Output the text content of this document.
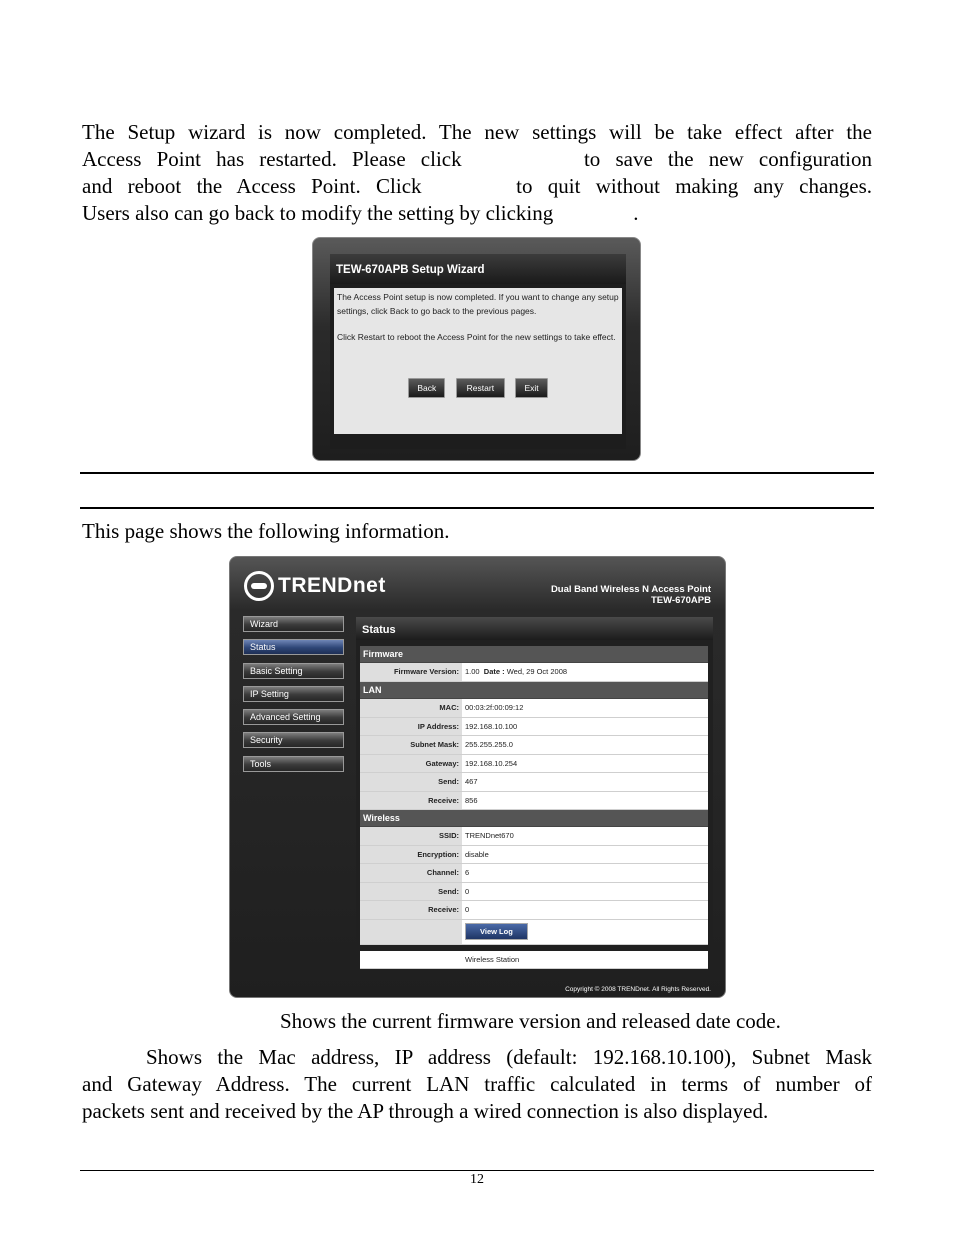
The Setup wizard is now completed. The new settings will be take effect after the
Access Point has restarted. Please click	to save the new configuration
and reboot the Access Point. Click	to quit without making any changes.
Users also can go back to modify the setting by clicking	.
TEW-670APB Setup Wizard

The Access Point setup is now completed. If you want to change any setup settings, click Back to go back to the previous pages.

Click Restart to reboot the Access Point for the new settings to take effect.

Back	Restart	Exit
This page shows the following information.
TRENDnet	Dual Band Wireless N Access Point
TEW-670APB
Wizard
Status
Basic Setting
IP Setting
Advanced Setting
Security
Tools
Status
Firmware
Firmware Version: 1.00 Date : Wed, 29 Oct 2008
LAN
MAC: 00:03:2f:00:09:12
IP Address: 192.168.10.100
Subnet Mask: 255.255.255.0
Gateway: 192.168.10.254
Send: 467
Receive: 856
Wireless
SSID: TRENDnet670
Encryption: disable
Channel: 6
Send: 0
Receive: 0
View Log
Wireless Station
Copyright © 2008 TRENDnet. All Rights Reserved.
Shows the current firmware version and released date code.
Shows the Mac address, IP address (default: 192.168.10.100), Subnet Mask
and Gateway Address. The current LAN traffic calculated in terms of number of
packets sent and received by the AP through a wired connection is also displayed.
12
